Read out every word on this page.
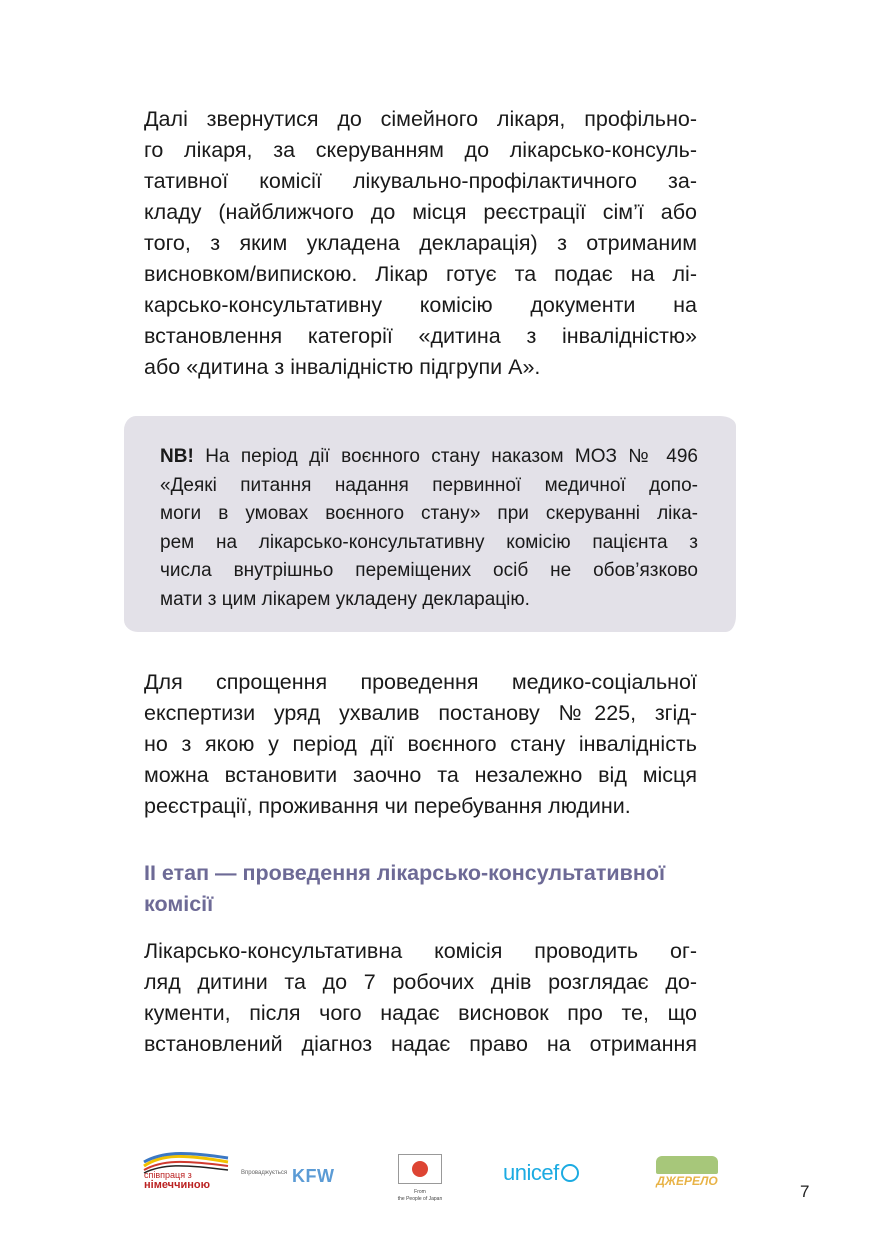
Далі звернутися до сімейного лікаря, профільно-
го лікаря, за скеруванням до лікарсько-консуль-
тативної комісії лікувально-профілактичного за-
кладу (найближчого до місця реєстрації сім’ї або
того, з яким укладена декларація) з отриманим
висновком/випискою. Лікар готує та подає на лі-
карсько-консультативну комісію документи на
встановлення категорії «дитина з інвалідністю»
або «дитина з інвалідністю підгрупи А».
NB! На період дії воєнного стану наказом МОЗ № 496
«Деякі питання надання первинної медичної допо-
моги в умовах воєнного стану» при скеруванні ліка-
рем на лікарсько-консультативну комісію пацієнта з
числа внутрішньо переміщених осіб не обов’язково
мати з цим лікарем укладену декларацію.
Для спрощення проведення медико-соціальної
експертизи уряд ухвалив постанову №225, згід-
но з якою у період дії воєнного стану інвалідність
можна встановити заочно та незалежно від місця
реєстрації, проживання чи перебування людини.
ІІ етап — проведення лікарсько-консультативної
комісії
Лікарсько-консультативна комісія проводить ог-
ляд дитини та до 7 робочих днів розглядає до-
кументи, після чого надає висновок про те, що
встановлений діагноз надає право на отримання
співпраця з
німеччиною
Впроваджується KFW
From
the People of Japan
unicef	ДЖЕРЕЛО
7
